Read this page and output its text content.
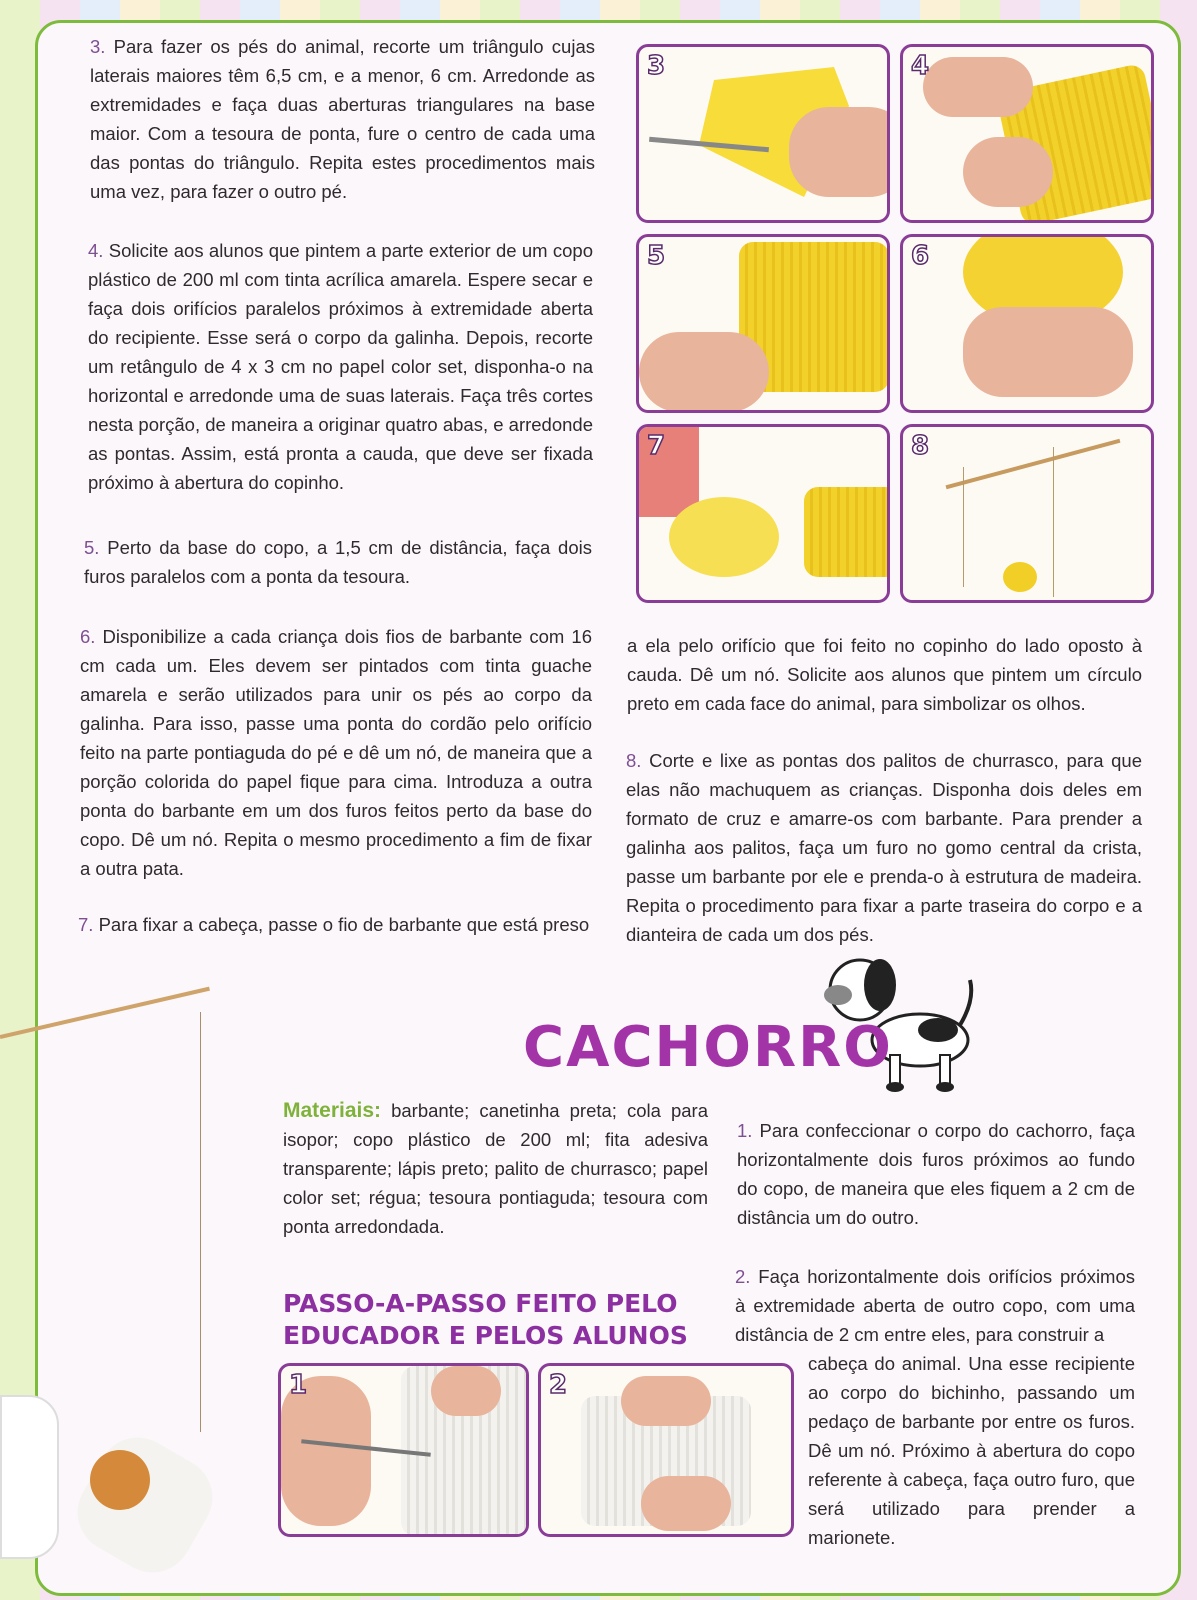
3. Para fazer os pés do animal, recorte um triângulo cujas laterais maiores têm 6,5 cm, e a menor, 6 cm. Arredonde as extremidades e faça duas aberturas triangulares na base maior. Com a tesoura de ponta, fure o centro de cada uma das pontas do triângulo. Repita estes procedimentos mais uma vez, para fazer o outro pé.

4. Solicite aos alunos que pintem a parte exterior de um copo plástico de 200 ml com tinta acrílica amarela. Espere secar e faça dois orifícios paralelos próximos à extremidade aberta do recipiente. Esse será o corpo da galinha. Depois, recorte um retângulo de 4 x 3 cm no papel color set, disponha-o na horizontal e arredonde uma de suas laterais. Faça três cortes nesta porção, de maneira a originar quatro abas, e arredonde as pontas. Assim, está pronta a cauda, que deve ser fixada próximo à abertura do copinho.

5. Perto da base do copo, a 1,5 cm de distância, faça dois furos paralelos com a ponta da tesoura.

6. Disponibilize a cada criança dois fios de barbante com 16 cm cada um. Eles devem ser pintados com tinta guache amarela e serão utilizados para unir os pés ao corpo da galinha. Para isso, passe uma ponta do cordão pelo orifício feito na parte pontiaguda do pé e dê um nó, de maneira que a porção colorida do papel fique para cima. Introduza a outra ponta do barbante em um dos furos feitos perto da base do copo. Dê um nó. Repita o mesmo procedimento a fim de fixar a outra pata.

7. Para fixar a cabeça, passe o fio de barbante que está preso

a ela pelo orifício que foi feito no copinho do lado oposto à cauda. Dê um nó. Solicite aos alunos que pintem um círculo preto em cada face do animal, para simbolizar os olhos.

8. Corte e lixe as pontas dos palitos de churrasco, para que elas não machuquem as crianças. Disponha dois deles em formato de cruz e amarre-os com barbante. Para prender a galinha aos palitos, faça um furo no gomo central da crista, passe um barbante por ele e prenda-o à estrutura de madeira. Repita o procedimento para fixar a parte traseira do corpo e a dianteira de cada um dos pés.

3	4
5	6
7	8
CACHORRO

Materiais: barbante; canetinha preta; cola para isopor; copo plástico de 200 ml; fita adesiva transparente; lápis preto; palito de churrasco; papel color set; régua; tesoura pontiaguda; tesoura com ponta arredondada.

PASSO-A-PASSO FEITO PELO
EDUCADOR E PELOS ALUNOS

1. Para confeccionar o corpo do cachorro, faça horizontalmente dois furos próximos ao fundo do copo, de maneira que eles fiquem a 2 cm de distância um do outro.

2. Faça horizontalmente dois orifícios próximos à extremidade aberta de outro copo, com uma distância de 2 cm entre eles, para construir a

cabeça do animal. Una esse recipiente ao corpo do bichinho, passando um pedaço de barbante por entre os furos. Dê um nó. Próximo à abertura do copo referente à cabeça, faça outro furo, que será utilizado para prender a marionete.

1	2
